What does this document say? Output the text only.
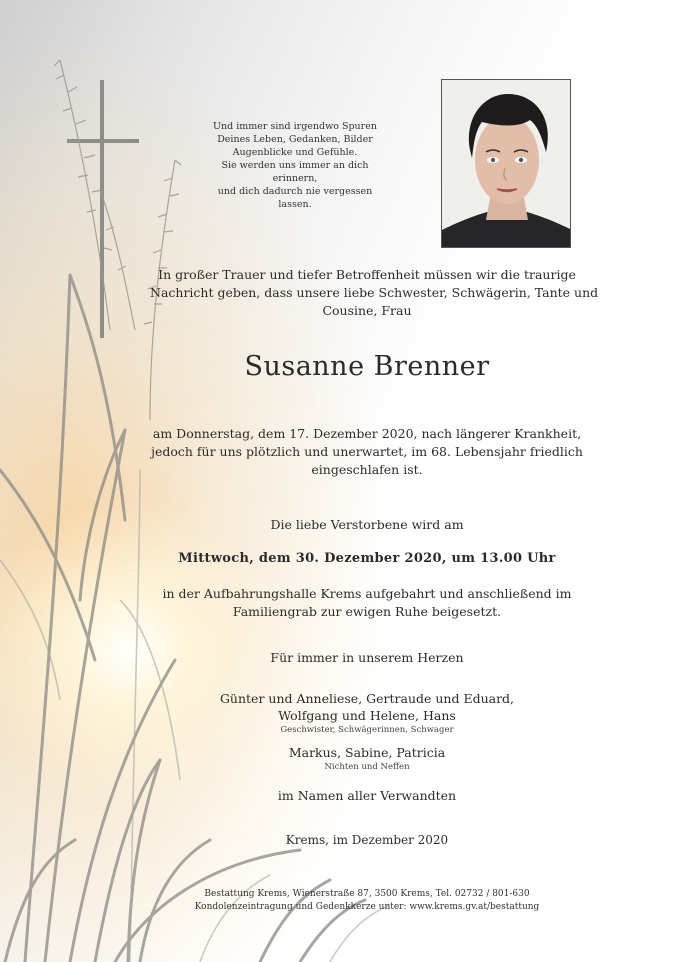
Und immer sind irgendwo Spuren
Deines Leben, Gedanken, Bilder
Augenblicke und Gefühle.
Sie werden uns immer an dich
erinnern,
und dich dadurch nie vergessen
lassen.
In großer Trauer und tiefer Betroffenheit müssen wir die traurige
Nachricht geben, dass unsere liebe Schwester, Schwägerin, Tante und
Cousine, Frau
Susanne Brenner
am Donnerstag, dem 17. Dezember 2020, nach längerer Krankheit,
jedoch für uns plötzlich und unerwartet, im 68. Lebensjahr friedlich
eingeschlafen ist.
Die liebe Verstorbene wird am
Mittwoch, dem 30. Dezember 2020, um 13.00 Uhr
in der Aufbahrungshalle Krems aufgebahrt und anschließend im
Familiengrab zur ewigen Ruhe beigesetzt.
Für immer in unserem Herzen
Günter und Anneliese, Gertraude und Eduard,
Wolfgang und Helene, Hans
Geschwister, Schwägerinnen, Schwager
Markus, Sabine, Patricia
Nichten und Neffen
im Namen aller Verwandten
Krems, im Dezember 2020
Bestattung Krems, Wienerstraße 87, 3500 Krems, Tel. 02732 / 801-630
Kondolenzeintragung und Gedenkkerze unter: www.krems.gv.at/bestattung
